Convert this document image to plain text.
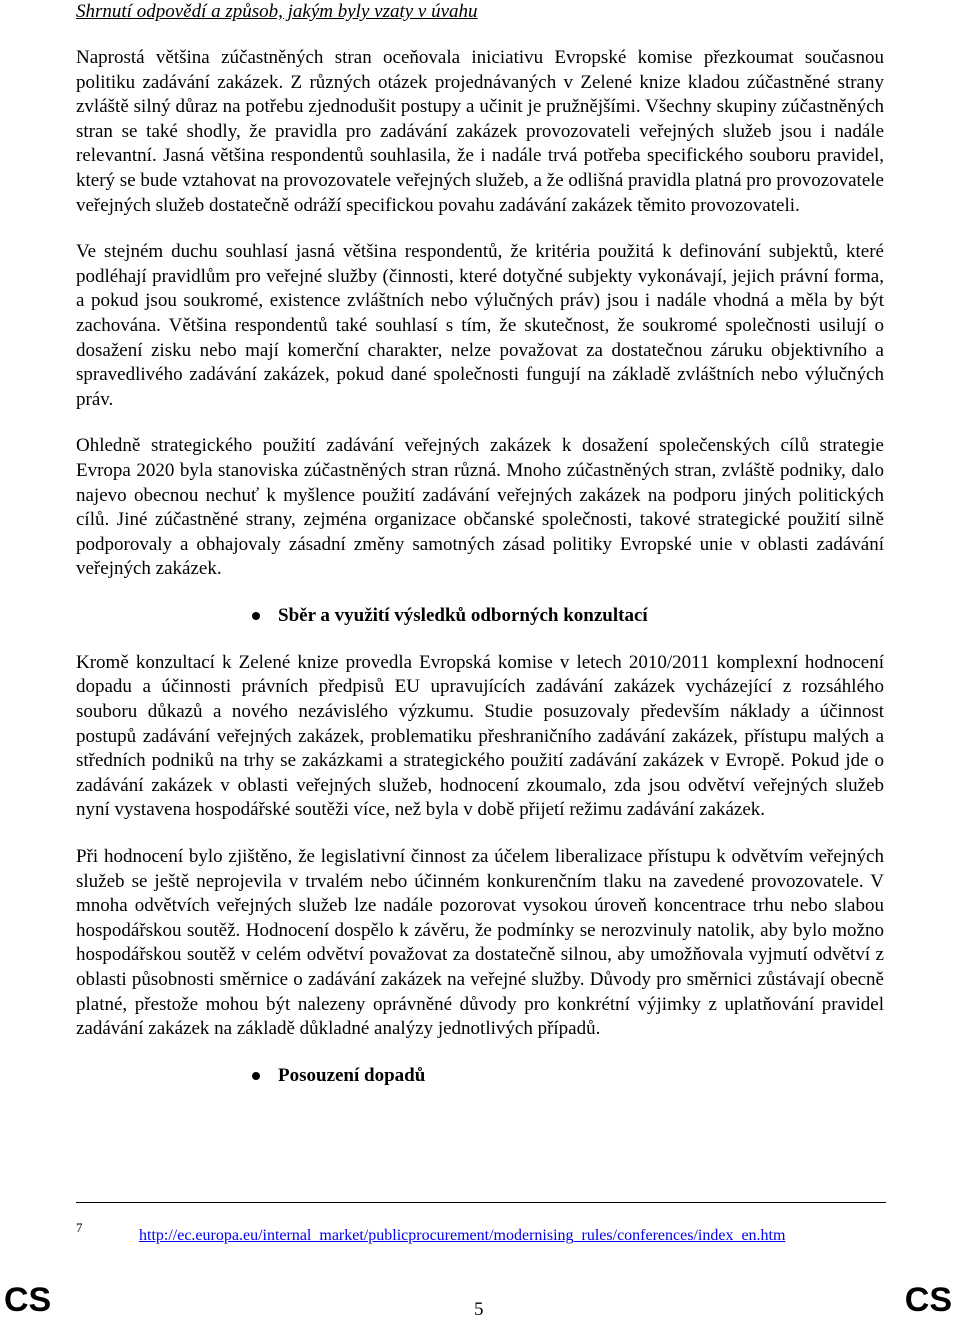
Shrnutí odpovědí a způsob, jakým byly vzaty v úvahu

Naprostá většina zúčastněných stran oceňovala iniciativu Evropské komise přezkoumat současnou politiku zadávání zakázek. Z různých otázek projednávaných v Zelené knize kladou zúčastněné strany zvláště silný důraz na potřebu zjednodušit postupy a učinit je pružnějšími. Všechny skupiny zúčastněných stran se také shodly, že pravidla pro zadávání zakázek provozovateli veřejných služeb jsou i nadále relevantní. Jasná většina respondentů souhlasila, že i nadále trvá potřeba specifického souboru pravidel, který se bude vztahovat na provozovatele veřejných služeb, a že odlišná pravidla platná pro provozovatele veřejných služeb dostatečně odráží specifickou povahu zadávání zakázek těmito provozovateli.

Ve stejném duchu souhlasí jasná většina respondentů, že kritéria použitá k definování subjektů, které podléhají pravidlům pro veřejné služby (činnosti, které dotyčné subjekty vykonávají, jejich právní forma, a pokud jsou soukromé, existence zvláštních nebo výlučných práv) jsou i nadále vhodná a měla by být zachována. Většina respondentů také souhlasí s tím, že skutečnost, že soukromé společnosti usilují o dosažení zisku nebo mají komerční charakter, nelze považovat za dostatečnou záruku objektivního a spravedlivého zadávání zakázek, pokud dané společnosti fungují na základě zvláštních nebo výlučných práv.

Ohledně strategického použití zadávání veřejných zakázek k dosažení společenských cílů strategie Evropa 2020 byla stanoviska zúčastněných stran různá. Mnoho zúčastněných stran, zvláště podniky, dalo najevo obecnou nechuť k myšlence použití zadávání veřejných zakázek na podporu jiných politických cílů. Jiné zúčastněné strany, zejména organizace občanské společnosti, takové strategické použití silně podporovaly a obhajovaly zásadní změny samotných zásad politiky Evropské unie v oblasti zadávání veřejných zakázek.

Sběr a využití výsledků odborných konzultací

Kromě konzultací k Zelené knize provedla Evropská komise v letech 2010/2011 komplexní hodnocení dopadu a účinnosti právních předpisů EU upravujících zadávání zakázek vycházející z rozsáhlého souboru důkazů a nového nezávislého výzkumu. Studie posuzovaly především náklady a účinnost postupů zadávání veřejných zakázek, problematiku přeshraničního zadávání zakázek, přístupu malých a středních podniků na trhy se zakázkami a strategického použití zadávání zakázek v Evropě. Pokud jde o zadávání zakázek v oblasti veřejných služeb, hodnocení zkoumalo, zda jsou odvětví veřejných služeb nyní vystavena hospodářské soutěži více, než byla v době přijetí režimu zadávání zakázek.

Při hodnocení bylo zjištěno, že legislativní činnost za účelem liberalizace přístupu k odvětvím veřejných služeb se ještě neprojevila v trvalém nebo účinném konkurenčním tlaku na zavedené provozovatele. V mnoha odvětvích veřejných služeb lze nadále pozorovat vysokou úroveň koncentrace trhu nebo slabou hospodářskou soutěž. Hodnocení dospělo k závěru, že podmínky se nerozvinuly natolik, aby bylo možno hospodářskou soutěž v celém odvětví považovat za dostatečně silnou, aby umožňovala vyjmutí odvětví z oblasti působnosti směrnice o zadávání zakázek na veřejné služby. Důvody pro směrnici zůstávají obecně platné, přestože mohou být nalezeny oprávněné důvody pro konkrétní výjimky z uplatňování pravidel zadávání zakázek na základě důkladné analýzy jednotlivých případů.

Posouzení dopadů
7	http://ec.europa.eu/internal_market/publicprocurement/modernising_rules/conferences/index_en.htm
CS	5	CS
